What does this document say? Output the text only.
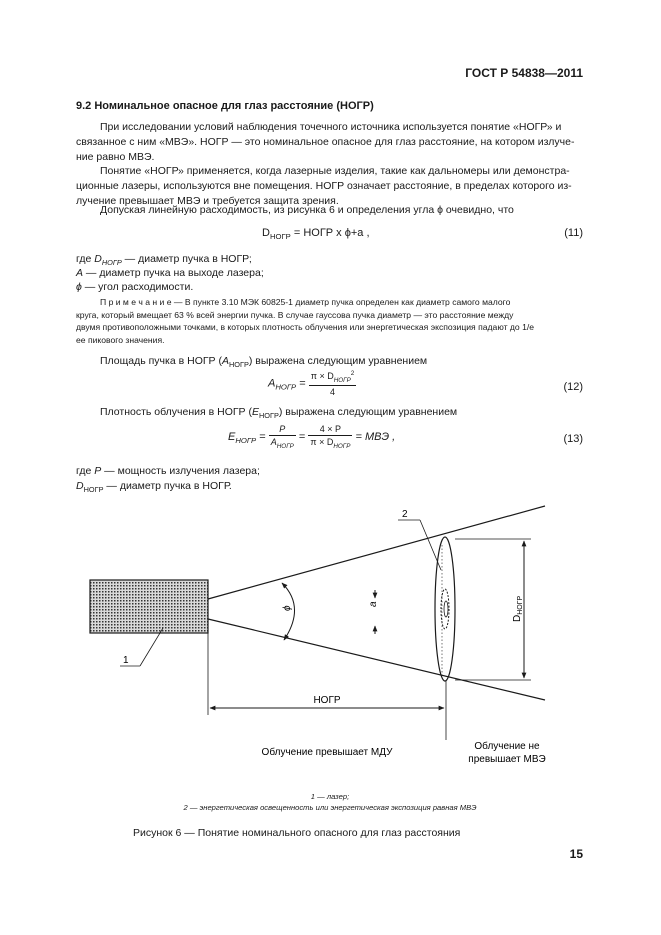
ГОСТ Р 54838—2011
9.2 Номинальное опасное для глаз расстояние (НОГР)
При исследовании условий наблюдения точечного источника используется понятие «НОГР» и
связанное с ним «МВЭ». НОГР — это номинальное опасное для глаз расстояние, на котором излуче-
ние равно МВЭ.
Понятие «НОГР» применяется, когда лазерные изделия, такие как дальномеры или демонстра-
ционные лазеры, используются вне помещения. НОГР означает расстояние, в пределах которого из-
лучение превышает МВЭ и требуется защита зрения.
Допуская линейную расходимость, из рисунка 6 и определения угла ϕ очевидно, что
$D_{НОГР}$ = НОГР x ϕ+a ,	(11)
где $D_{НОГР}$ — диаметр пучка в НОГР;
A — диаметр пучка на выходе лазера;
ϕ — угол расходимости.
П р и м е ч а н и е — В пункте 3.10 МЭК 60825-1 диаметр пучка определен как диаметр самого малого
круга, который вмещает 63 % всей энергии пучка. В случае гауссова пучка диаметр — это расстояние между
двумя противоположными точками, в которых плотность облучения или энергетическая экспозиция падают до 1/е
ее пикового значения.
Площадь пучка в НОГР $(A_{НОГР})$ выражена следующим уравнением
$A_{НОГР} = \frac{\pi \times D_{НОГР}^2}{4}$	(12)
Плотность облучения в НОГР $(E_{НОГР})$ выражена следующим уравнением
$E_{НОГР} = \frac{P}{A_{НОГР}} = \frac{4 \times P}{\pi \times D_{НОГР}}$ = МВЭ ,	(13)
где P — мощность излучения лазера;
$D_{НОГР}$ — диаметр пучка в НОГР.
ϕ
a
2
1
$D_{НОГР}$
НОГР
Облучение превышает МДУ
Облучение не
превышает МВЭ
1 — лазер;
2 — энергетическая освещенность или энергетическая экспозиция равная МВЭ
Рисунок 6 — Понятие номинального опасного для глаз расстояния
15
